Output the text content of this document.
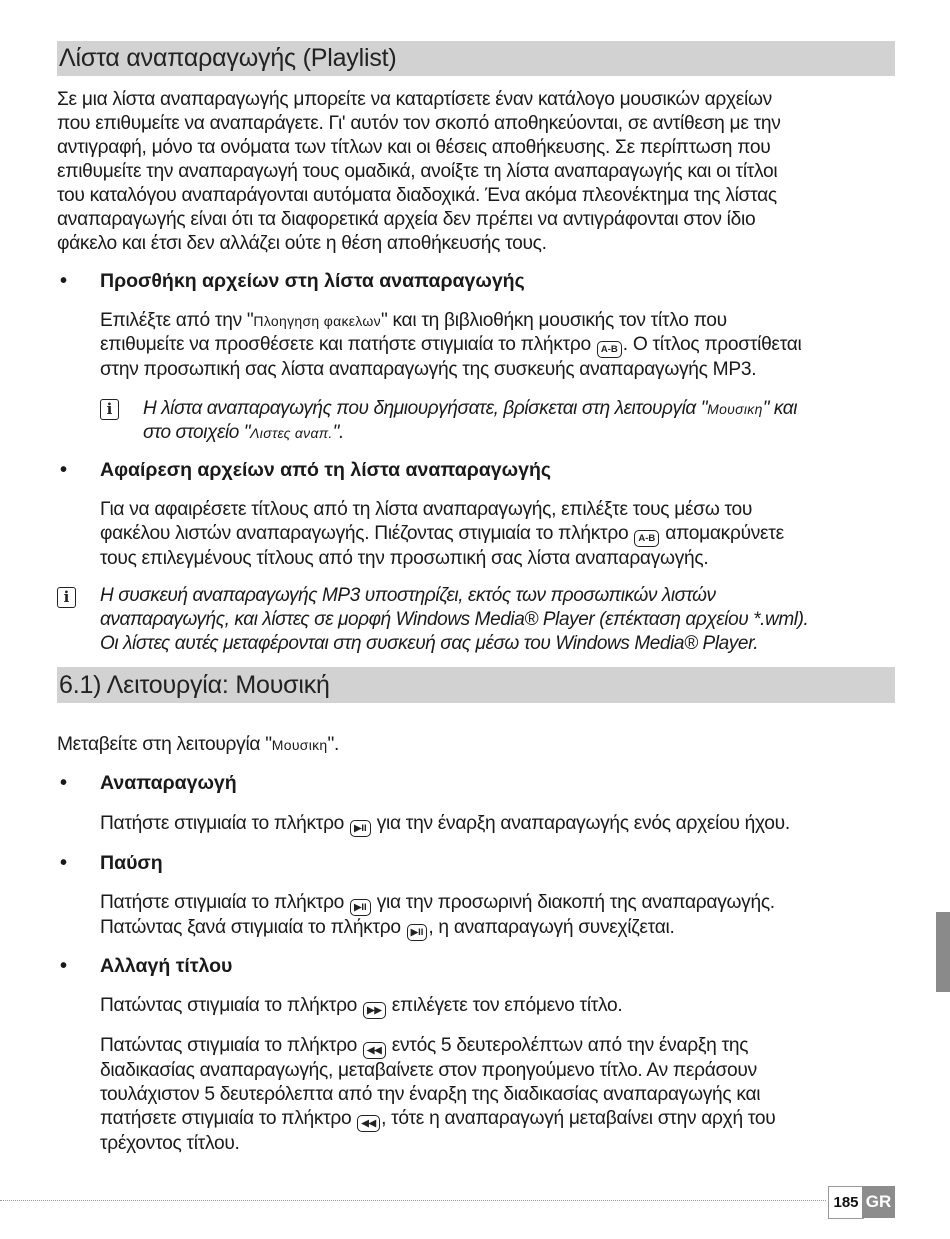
Λίστα αναπαραγωγής (Playlist)
Σε μια λίστα αναπαραγωγής μπορείτε να καταρτίσετε έναν κατάλογο μουσικών αρχείων
που επιθυμείτε να αναπαράγετε. Γι' αυτόν τον σκοπό αποθηκεύονται, σε αντίθεση με την
αντιγραφή, μόνο τα ονόματα των τίτλων και οι θέσεις αποθήκευσης. Σε περίπτωση που
επιθυμείτε την αναπαραγωγή τους ομαδικά, ανοίξτε τη λίστα αναπαραγωγής και οι τίτλοι
του καταλόγου αναπαράγονται αυτόματα διαδοχικά. Ένα ακόμα πλεονέκτημα της λίστας
αναπαραγωγής είναι ότι τα διαφορετικά αρχεία δεν πρέπει να αντιγράφονται στον ίδιο
φάκελο και έτσι δεν αλλάζει ούτε η θέση αποθήκευσής τους.
• Προσθήκη αρχείων στη λίστα αναπαραγωγής
Επιλέξτε από την "Πλοηγηση φακελων" και τη βιβλιοθήκη μουσικής τον τίτλο που
επιθυμείτε να προσθέσετε και πατήστε στιγμιαία το πλήκτρο A-B . Ο τίτλος προστίθεται
στην προσωπική σας λίστα αναπαραγωγής της συσκευής αναπαραγωγής MP3.
i	Η λίστα αναπαραγωγής που δημιουργήσατε, βρίσκεται στη λειτουργία "Μουσικη" και
στο στοιχείο "Λιστες αναπ.".
• Αφαίρεση αρχείων από τη λίστα αναπαραγωγής
Για να αφαιρέσετε τίτλους από τη λίστα αναπαραγωγής, επιλέξτε τους μέσω του
φακέλου λιστών αναπαραγωγής. Πιέζοντας στιγμιαία το πλήκτρο A-B απομακρύνετε
τους επιλεγμένους τίτλους από την προσωπική σας λίστα αναπαραγωγής.
i	Η συσκευή αναπαραγωγής MP3 υποστηρίζει, εκτός των προσωπικών λιστών
αναπαραγωγής, και λίστες σε μορφή Windows Media® Player (επέκταση αρχείου *.wml).
Οι λίστες αυτές μεταφέρονται στη συσκευή σας μέσω του Windows Media® Player.
6.1) Λειτουργία: Μουσική
Μεταβείτε στη λειτουργία "Μουσικη".
• Αναπαραγωγή
Πατήστε στιγμιαία το πλήκτρο ▶II για την έναρξη αναπαραγωγής ενός αρχείου ήχου.
• Παύση
Πατήστε στιγμιαία το πλήκτρο ▶II για την προσωρινή διακοπή της αναπαραγωγής.
Πατώντας ξανά στιγμιαία το πλήκτρο ▶II , η αναπαραγωγή συνεχίζεται.
• Αλλαγή τίτλου
Πατώντας στιγμιαία το πλήκτρο ▶▶ επιλέγετε τον επόμενο τίτλο.
Πατώντας στιγμιαία το πλήκτρο ◀◀ εντός 5 δευτερολέπτων από την έναρξη της
διαδικασίας αναπαραγωγής, μεταβαίνετε στον προηγούμενο τίτλο. Αν περάσουν
τουλάχιστον 5 δευτερόλεπτα από την έναρξη της διαδικασίας αναπαραγωγής και
πατήσετε στιγμιαία το πλήκτρο ◀◀ , τότε η αναπαραγωγή μεταβαίνει στην αρχή του
τρέχοντος τίτλου.
185 GR
